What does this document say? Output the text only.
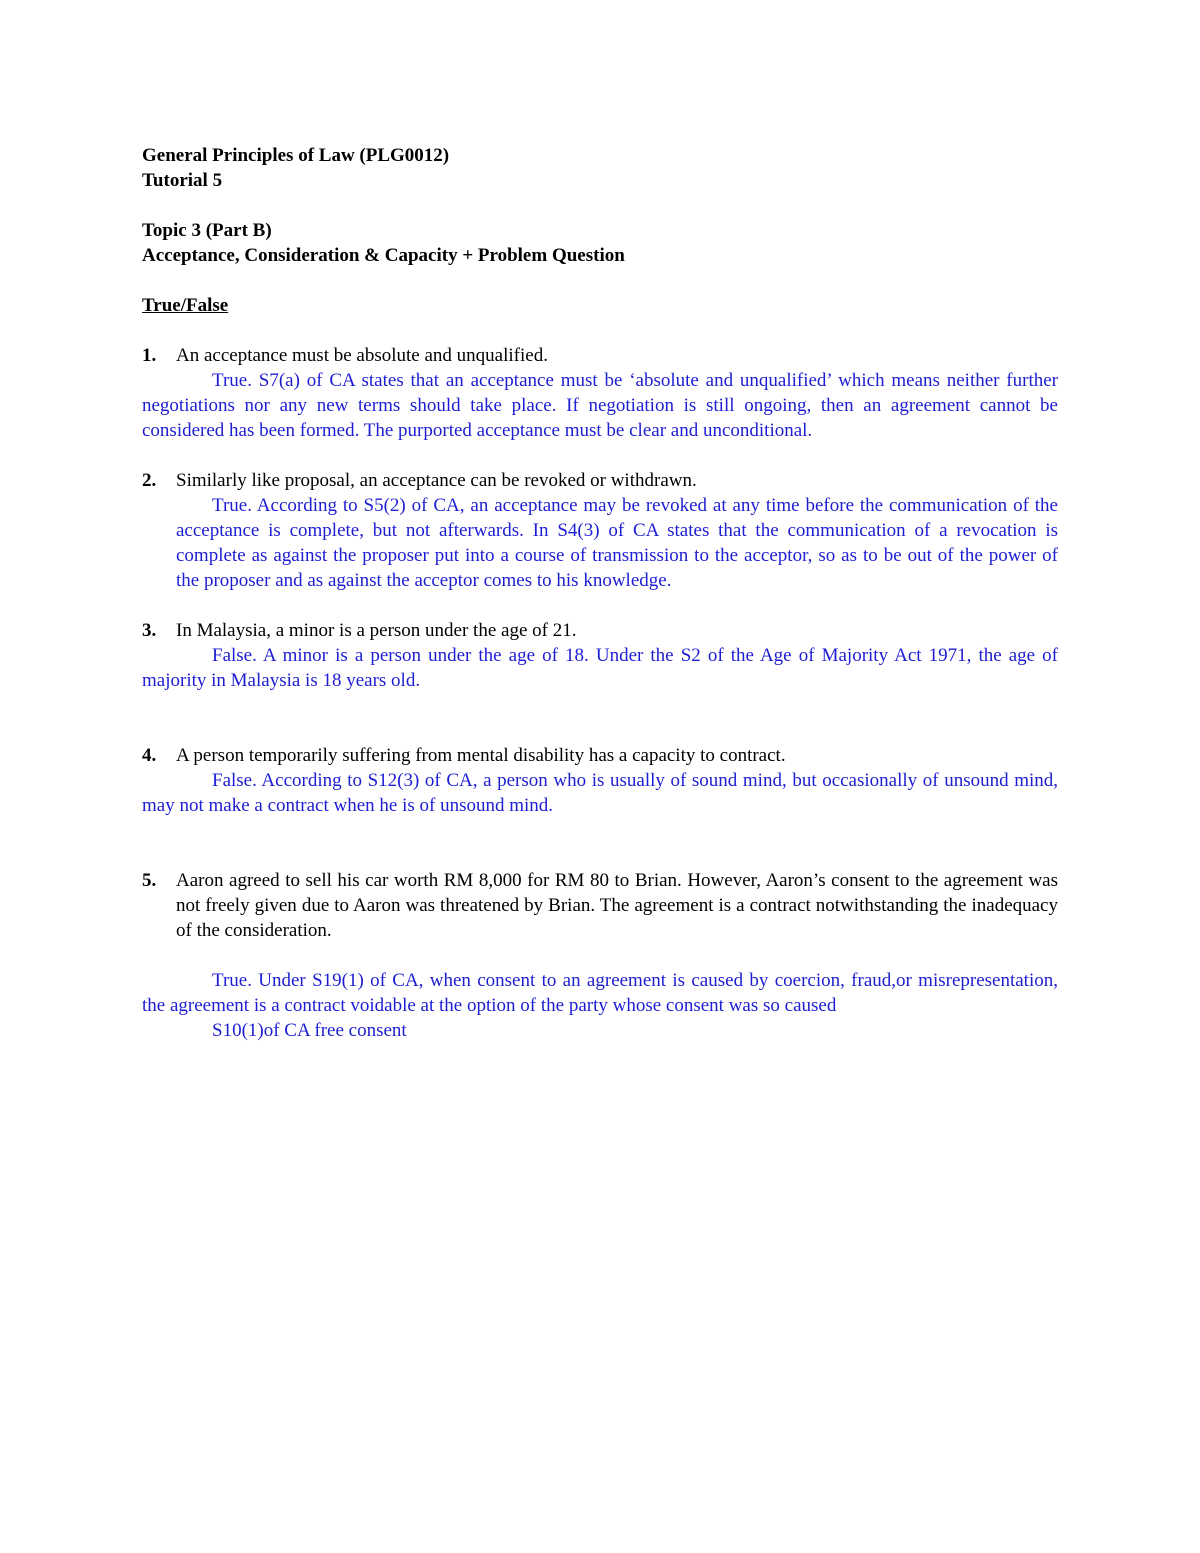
General Principles of Law (PLG0012)

Tutorial 5

Topic 3 (Part B)

Acceptance, Consideration & Capacity + Problem Question

True/False

1. An acceptance must be absolute and unqualified.

True. S7(a) of CA states that an acceptance must be ‘absolute and unqualified’ which means neither further negotiations nor any new terms should take place. If negotiation is still ongoing, then an agreement cannot be considered has been formed. The purported acceptance must be clear and unconditional.

2. Similarly like proposal, an acceptance can be revoked or withdrawn.

True. According to S5(2) of CA, an acceptance may be revoked at any time before the communication of the acceptance is complete, but not afterwards. In S4(3) of CA states that the communication of a revocation is complete as against the proposer put into a course of transmission to the acceptor, so as to be out of the power of the proposer and as against the acceptor comes to his knowledge.

3. In Malaysia, a minor is a person under the age of 21.

False. A minor is a person under the age of 18. Under the S2 of the Age of Majority Act 1971, the age of majority in Malaysia is 18 years old.

4. A person temporarily suffering from mental disability has a capacity to contract.

False. According to S12(3) of CA, a person who is usually of sound mind, but occasionally of unsound mind, may not make a contract when he is of unsound mind.

5. Aaron agreed to sell his car worth RM 8,000 for RM 80 to Brian. However, Aaron’s consent to the agreement was not freely given due to Aaron was threatened by Brian. The agreement is a contract notwithstanding the inadequacy of the consideration.

True. Under S19(1) of CA, when consent to an agreement is caused by coercion, fraud,or misrepresentation, the agreement is a contract voidable at the option of the party whose consent was so caused

S10(1)of CA free consent
